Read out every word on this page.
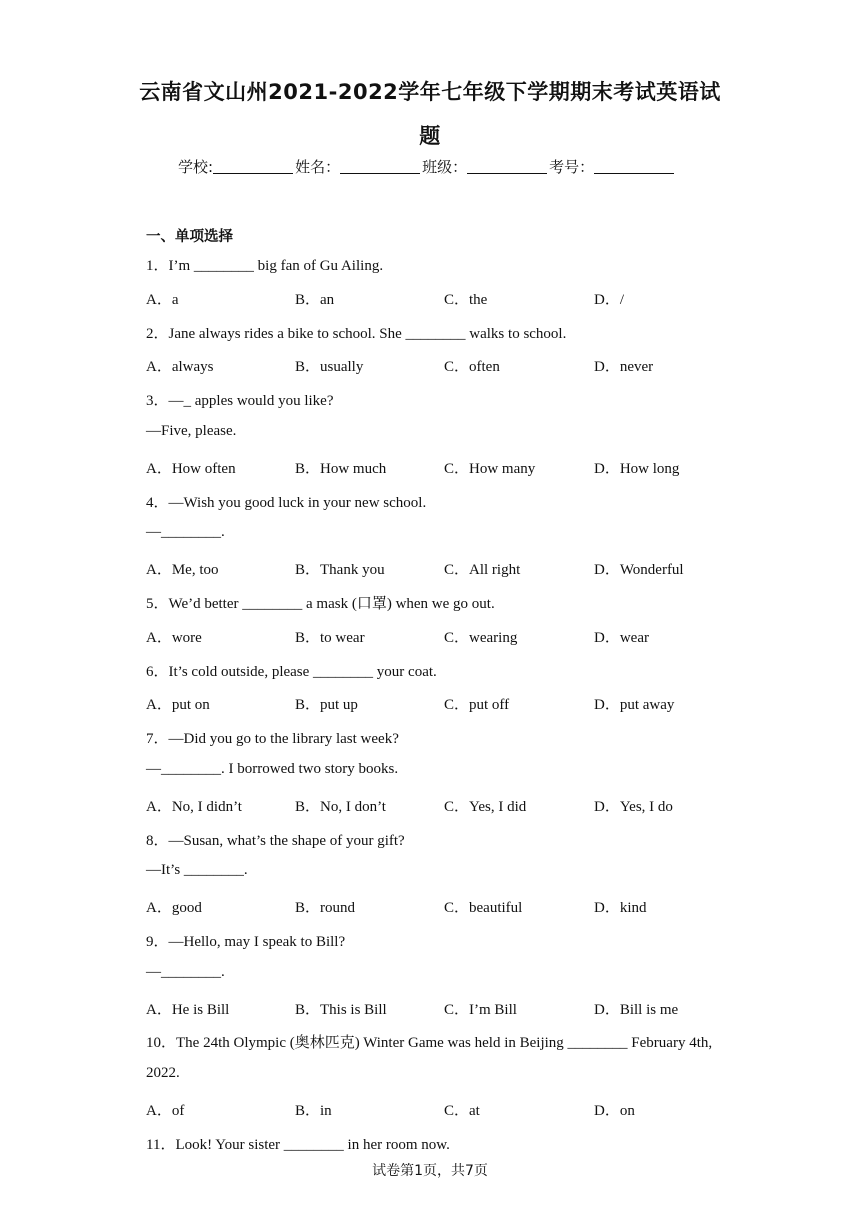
云南省文山州2021-2022学年七年级下学期期末考试英语试
题
学校:	姓名：	班级：	考号：
一、单项选择
1．I’m ________ big fan of Gu Ailing.
A．a	B．an	C．the	D．/
2．Jane always rides a bike to school. She ________ walks to school.
A．always	B．usually	C．often	D．never
3．—_ apples would you like?
—Five, please.
A．How often	B．How much	C．How many	D．How long
4．—Wish you good luck in your new school.
—________.
A．Me, too	B．Thank you	C．All right	D．Wonderful
5．We’d better ________ a mask (口罩) when we go out.
A．wore	B．to wear	C．wearing	D．wear
6．It’s cold outside, please ________ your coat.
A．put on	B．put up	C．put off	D．put away
7．—Did you go to the library last week?
—________. I borrowed two story books.
A．No, I didn’t	B．No, I don’t	C．Yes, I did	D．Yes, I do
8．—Susan, what’s the shape of your gift?
—It’s ________.
A．good	B．round	C．beautiful	D．kind
9．—Hello, may I speak to Bill?
—________.
A．He is Bill	B．This is Bill	C．I’m Bill	D．Bill is me
10．The 24th Olympic (奥林匹克) Winter Game was held in Beijing ________ February 4th,
2022.
A．of	B．in	C．at	D．on
11．Look! Your sister ________ in her room now.
试卷第1页，共7页
